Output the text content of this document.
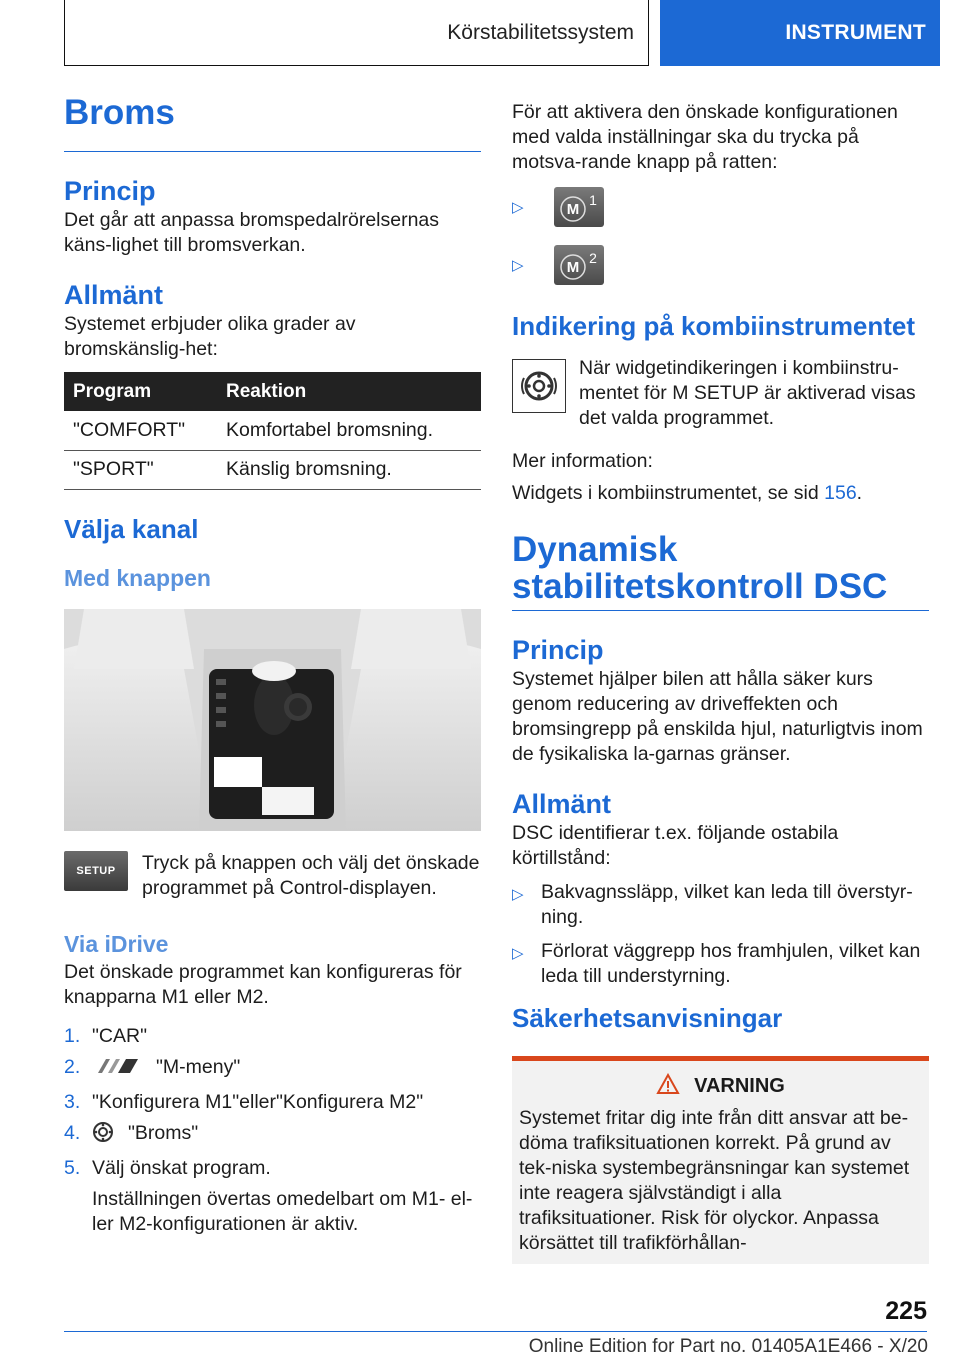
Körstabilitetssystem	INSTRUMENT
Broms
Princip

Det går att anpassa bromspedalrörelsernas käns-lighet till bromsverkan.

Allmänt

Systemet erbjuder olika grader av bromskänslig-het:

Program	Reaktion
"COMFORT"	Komfortabel bromsning.
"SPORT"	Känslig bromsning.
Välja kanal
Med knappen
SETUP Tryck på knappen och välj det önskade programmet på Control-displayen.

Via iDrive

Det önskade programmet kan konfigureras för knapparna M1 eller M2.

1. "CAR"
2.	"M-meny"
3. "Konfigurera M1"eller"Konfigurera M2"
4.	"Broms"
5. Välj önskat program.

Inställningen övertas omedelbart om M1- el-ler M2-konfigurationen är aktiv.

För att aktivera den önskade konfigurationen med valda inställningar ska du trycka på motsva-rande knapp på ratten:

▷	M
1
▷	M
2
Indikering på kombiinstrumentet

När widgetindikeringen i kombiinstru-mentet för M SETUP är aktiverad visas det valda programmet.

Mer information:

Widgets i kombiinstrumentet, se sid 156.

Dynamisk
stabilitetskontroll DSC
Princip

Systemet hjälper bilen att hålla säker kurs genom reducering av driveffekten och bromsingrepp på enskilda hjul, naturligtvis inom de fysikaliska la-garnas gränser.

Allmänt

DSC identifierar t.ex. följande ostabila körtillstånd:

▷ Bakvagnssläpp, vilket kan leda till överstyr-ning.
▷ Förlorat väggrepp hos framhjulen, vilket kan leda till understyrning.
Säkerhetsanvisningar
VARNING

Systemet fritar dig inte från ditt ansvar att be-döma trafiksituationen korrekt. På grund av tek-niska systembegränsningar kan systemet inte reagera självständigt i alla trafiksituationer. Risk för olyckor. Anpassa körsättet till trafikförhållan-

225
Online Edition for Part no. 01405A1E466 - X/20
